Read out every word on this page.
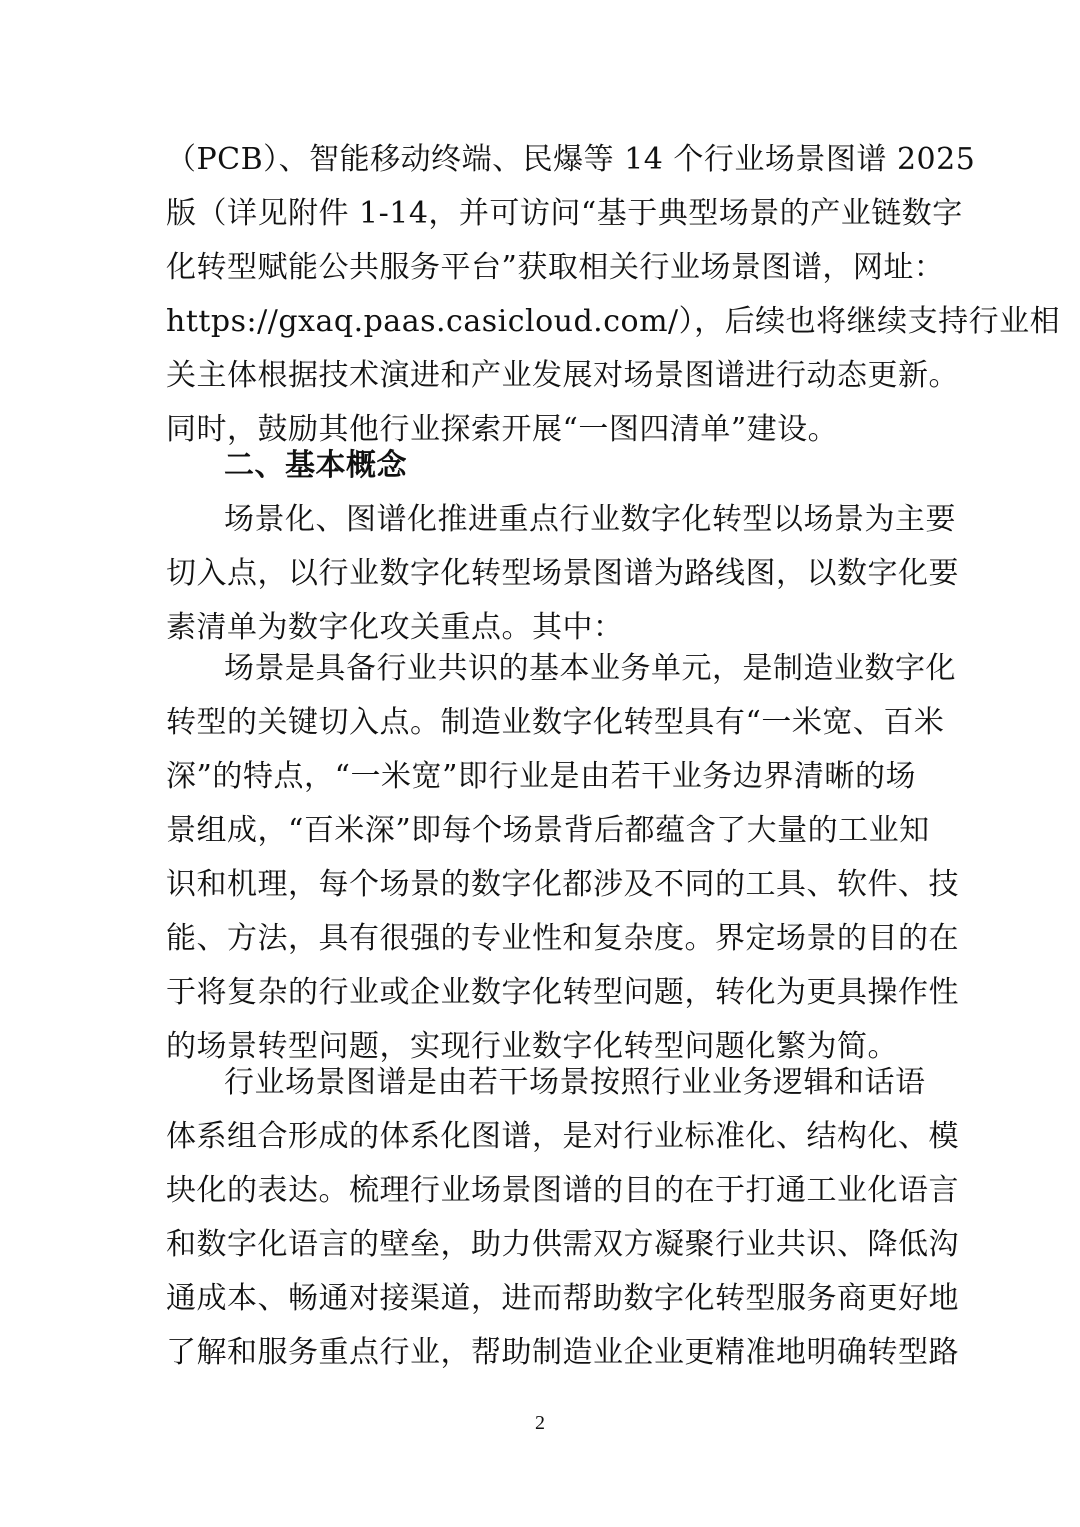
（PCB）、智能移动终端、民爆等 14 个行业场景图谱 2025
版（详见附件 1-14，并可访问“基于典型场景的产业链数字
化转型赋能公共服务平台”获取相关行业场景图谱，网址：
https://gxaq.paas.casicloud.com/），后续也将继续支持行业相
关主体根据技术演进和产业发展对场景图谱进行动态更新。
同时，鼓励其他行业探索开展“一图四清单”建设。
二、基本概念
场景化、图谱化推进重点行业数字化转型以场景为主要
切入点，以行业数字化转型场景图谱为路线图，以数字化要
素清单为数字化攻关重点。其中：
场景是具备行业共识的基本业务单元，是制造业数字化
转型的关键切入点。制造业数字化转型具有“一米宽、百米
深”的特点，“一米宽”即行业是由若干业务边界清晰的场
景组成，“百米深”即每个场景背后都蕴含了大量的工业知
识和机理，每个场景的数字化都涉及不同的工具、软件、技
能、方法，具有很强的专业性和复杂度。界定场景的目的在
于将复杂的行业或企业数字化转型问题，转化为更具操作性
的场景转型问题，实现行业数字化转型问题化繁为简。
行业场景图谱是由若干场景按照行业业务逻辑和话语
体系组合形成的体系化图谱，是对行业标准化、结构化、模
块化的表达。梳理行业场景图谱的目的在于打通工业化语言
和数字化语言的壁垒，助力供需双方凝聚行业共识、降低沟
通成本、畅通对接渠道，进而帮助数字化转型服务商更好地
了解和服务重点行业，帮助制造业企业更精准地明确转型路
2
